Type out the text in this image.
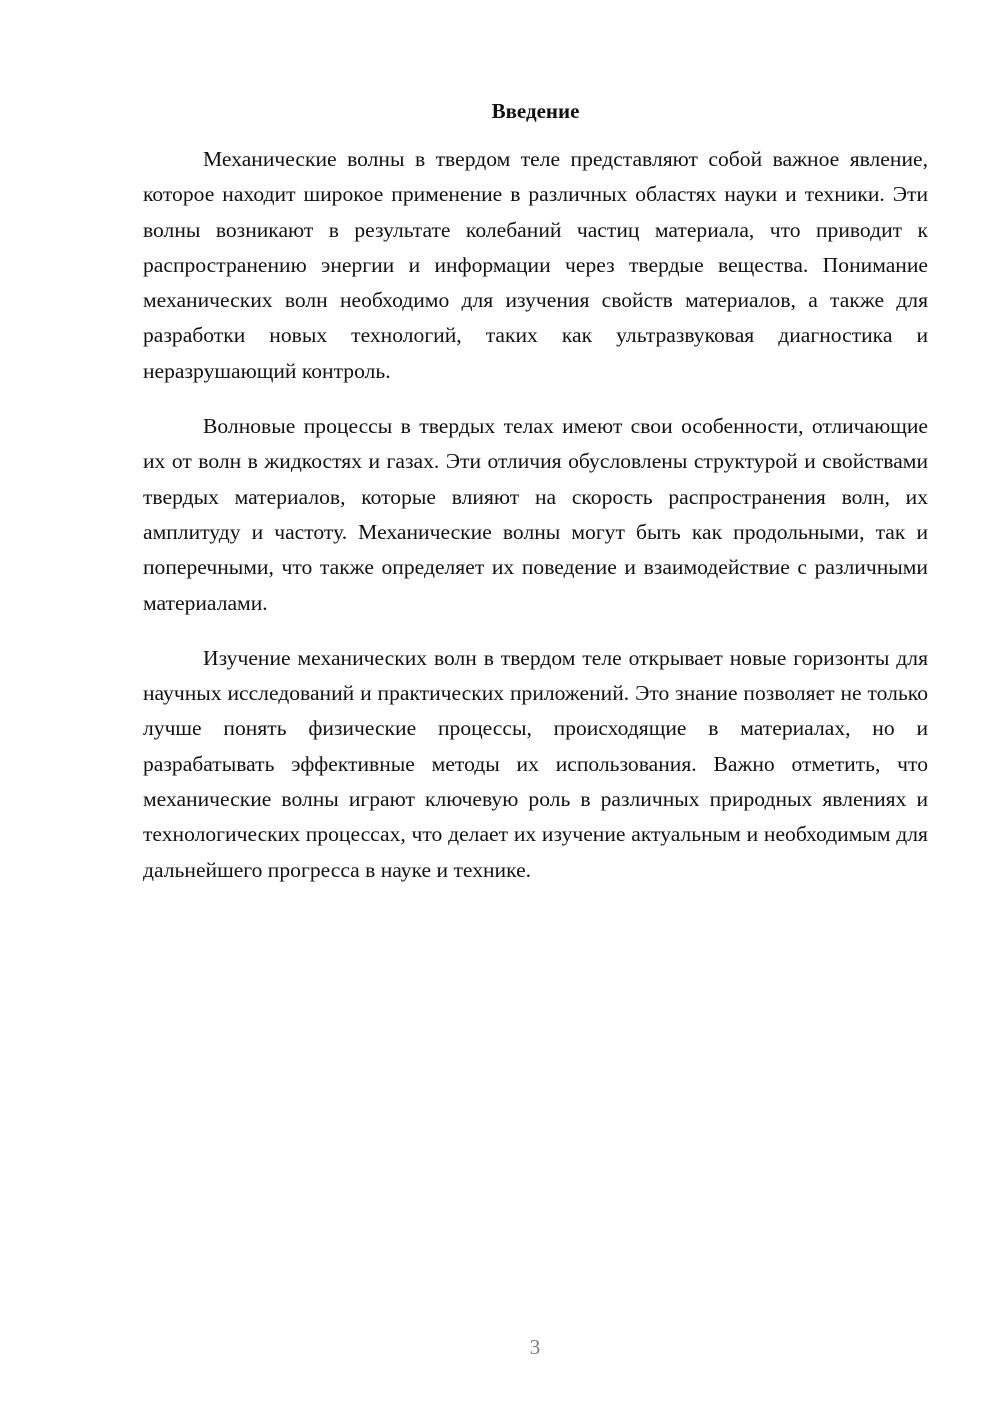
Введение

Механические волны в твердом теле представляют собой важное явление, которое находит широкое применение в различных областях науки и техники. Эти волны возникают в результате колебаний частиц материала, что приводит к распространению энергии и информации через твердые вещества. Понимание механических волн необходимо для изучения свойств материалов, а также для разработки новых технологий, таких как ультразвуковая диагностика и неразрушающий контроль.

Волновые процессы в твердых телах имеют свои особенности, отличающие их от волн в жидкостях и газах. Эти отличия обусловлены структурой и свойствами твердых материалов, которые влияют на скорость распространения волн, их амплитуду и частоту. Механические волны могут быть как продольными, так и поперечными, что также определяет их поведение и взаимодействие с различными материалами.

Изучение механических волн в твердом теле открывает новые горизонты для научных исследований и практических приложений. Это знание позволяет не только лучше понять физические процессы, происходящие в материалах, но и разрабатывать эффективные методы их использования. Важно отметить, что механические волны играют ключевую роль в различных природных явлениях и технологических процессах, что делает их изучение актуальным и необходимым для дальнейшего прогресса в науке и технике.

3
